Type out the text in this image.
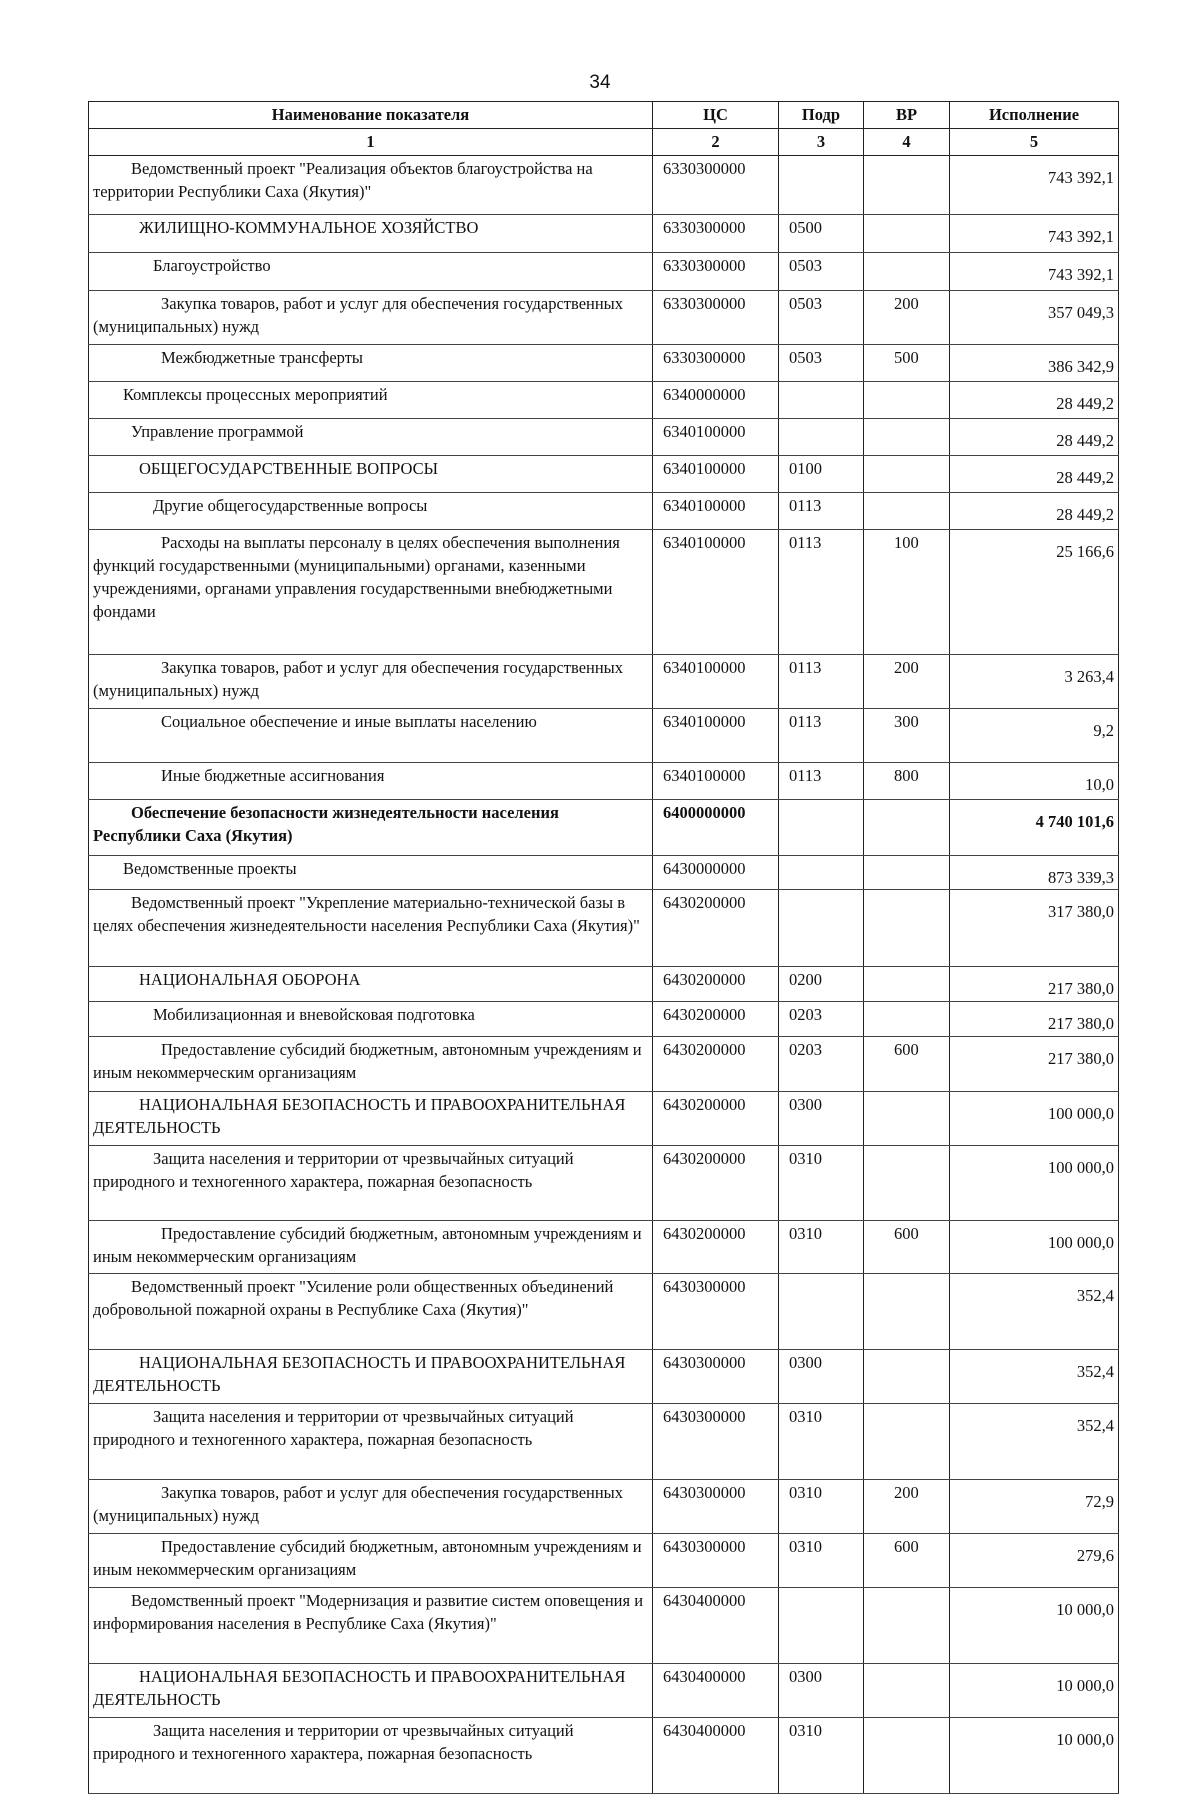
34
Наименование показателя	ЦС	Подр	ВР	Исполнение
1	2	3	4	5
Ведомственный проект "Реализация объектов благоустройства на территории Республики Саха (Якутия)"	6330300000			743 392,1
ЖИЛИЩНО-КОММУНАЛЬНОЕ ХОЗЯЙСТВО	6330300000	0500		743 392,1
Благоустройство	6330300000	0503		743 392,1
Закупка товаров, работ и услуг для обеспечения государственных (муниципальных) нужд	6330300000	0503	200	357 049,3
Межбюджетные трансферты	6330300000	0503	500	386 342,9
Комплексы процессных мероприятий	6340000000			28 449,2
Управление программой	6340100000			28 449,2
ОБЩЕГОСУДАРСТВЕННЫЕ ВОПРОСЫ	6340100000	0100		28 449,2
Другие общегосударственные вопросы	6340100000	0113		28 449,2
Расходы на выплаты персоналу в целях обеспечения выполнения функций государственными (муниципальными) органами, казенными учреждениями, органами управления государственными внебюджетными фондами	6340100000	0113	100	25 166,6
Закупка товаров, работ и услуг для обеспечения государственных (муниципальных) нужд	6340100000	0113	200	3 263,4
Социальное обеспечение и иные выплаты населению	6340100000	0113	300	9,2
Иные бюджетные ассигнования	6340100000	0113	800	10,0
Обеспечение безопасности жизнедеятельности населения Республики Саха (Якутия)	6400000000			4 740 101,6
Ведомственные проекты	6430000000			873 339,3
Ведомственный проект "Укрепление материально-технической базы в целях обеспечения жизнедеятельности населения Республики Саха (Якутия)"	6430200000			317 380,0
НАЦИОНАЛЬНАЯ ОБОРОНА	6430200000	0200		217 380,0
Мобилизационная и вневойсковая подготовка	6430200000	0203		217 380,0
Предоставление субсидий бюджетным, автономным учреждениям и иным некоммерческим организациям	6430200000	0203	600	217 380,0
НАЦИОНАЛЬНАЯ БЕЗОПАСНОСТЬ И ПРАВООХРАНИТЕЛЬНАЯ ДЕЯТЕЛЬНОСТЬ	6430200000	0300		100 000,0
Защита населения и территории от чрезвычайных ситуаций природного и техногенного характера, пожарная безопасность	6430200000	0310		100 000,0
Предоставление субсидий бюджетным, автономным учреждениям и иным некоммерческим организациям	6430200000	0310	600	100 000,0
Ведомственный проект "Усиление роли общественных объединений добровольной пожарной охраны в Республике Саха (Якутия)"	6430300000			352,4
НАЦИОНАЛЬНАЯ БЕЗОПАСНОСТЬ И ПРАВООХРАНИТЕЛЬНАЯ ДЕЯТЕЛЬНОСТЬ	6430300000	0300		352,4
Защита населения и территории от чрезвычайных ситуаций природного и техногенного характера, пожарная безопасность	6430300000	0310		352,4
Закупка товаров, работ и услуг для обеспечения государственных (муниципальных) нужд	6430300000	0310	200	72,9
Предоставление субсидий бюджетным, автономным учреждениям и иным некоммерческим организациям	6430300000	0310	600	279,6
Ведомственный проект "Модернизация и развитие систем оповещения и информирования населения в Республике Саха (Якутия)"	6430400000			10 000,0
НАЦИОНАЛЬНАЯ БЕЗОПАСНОСТЬ И ПРАВООХРАНИТЕЛЬНАЯ ДЕЯТЕЛЬНОСТЬ	6430400000	0300		10 000,0
Защита населения и территории от чрезвычайных ситуаций природного и техногенного характера, пожарная безопасность	6430400000	0310		10 000,0
